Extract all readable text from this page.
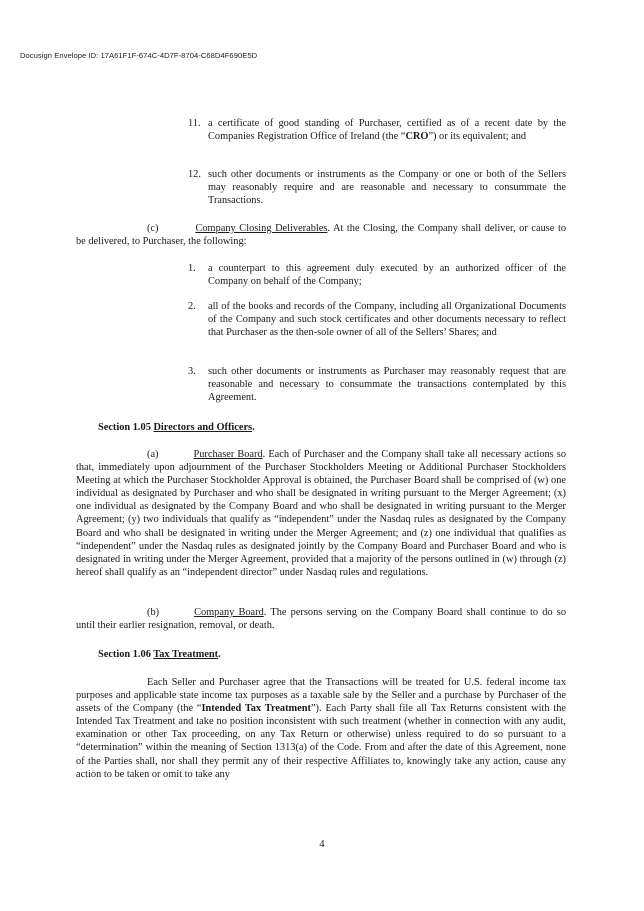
Docusign Envelope ID: 17A61F1F-674C-4D7F-8704-C68D4F690E5D
11. a certificate of good standing of Purchaser, certified as of a recent date by the Companies Registration Office of Ireland (the “CRO”) or its equivalent; and
12. such other documents or instruments as the Company or one or both of the Sellers may reasonably require and are reasonable and necessary to consummate the Transactions.

(c)	Company Closing Deliverables. At the Closing, the Company shall deliver, or cause to be delivered, to Purchaser, the following:

1.	a counterpart to this agreement duly executed by an authorized officer of the Company on behalf of the Company;
2.	all of the books and records of the Company, including all Organizational Documents of the Company and such stock certificates and other documents necessary to reflect that Purchaser as the then-sole owner of all of the Sellers’ Shares; and
3.	such other documents or instruments as Purchaser may reasonably request that are reasonable and necessary to consummate the transactions contemplated by this Agreement.

Section 1.05 Directors and Officers.

(a)	Purchaser Board. Each of Purchaser and the Company shall take all necessary actions so that, immediately upon adjournment of the Purchaser Stockholders Meeting or Additional Purchaser Stockholders Meeting at which the Purchaser Stockholder Approval is obtained, the Purchaser Board shall be comprised of (w) one individual as designated by Purchaser and who shall be designated in writing pursuant to the Merger Agreement; (x) one individual as designated by the Company Board and who shall be designated in writing pursuant to the Merger Agreement; (y) two individuals that qualify as “independent” under the Nasdaq rules as designated by the Company Board and who shall be designated in writing under the Merger Agreement; and (z) one individual that qualifies as “independent” under the Nasdaq rules as designated jointly by the Company Board and Purchaser Board and who is designated in writing under the Merger Agreement, provided that a majority of the persons outlined in (w) through (z) hereof shall qualify as an “independent director” under Nasdaq rules and regulations.

(b)	Company Board. The persons serving on the Company Board shall continue to do so until their earlier resignation, removal, or death.

Section 1.06 Tax Treatment.

Each Seller and Purchaser agree that the Transactions will be treated for U.S. federal income tax purposes and applicable state income tax purposes as a taxable sale by the Seller and a purchase by Purchaser of the assets of the Company (the “Intended Tax Treatment”). Each Party shall file all Tax Returns consistent with the Intended Tax Treatment and take no position inconsistent with such treatment (whether in connection with any audit, examination or other Tax proceeding, on any Tax Return or otherwise) unless required to do so pursuant to a “determination” within the meaning of Section 1313(a) of the Code. From and after the date of this Agreement, none of the Parties shall, nor shall they permit any of their respective Affiliates to, knowingly take any action, cause any action to be taken or omit to take any

4
